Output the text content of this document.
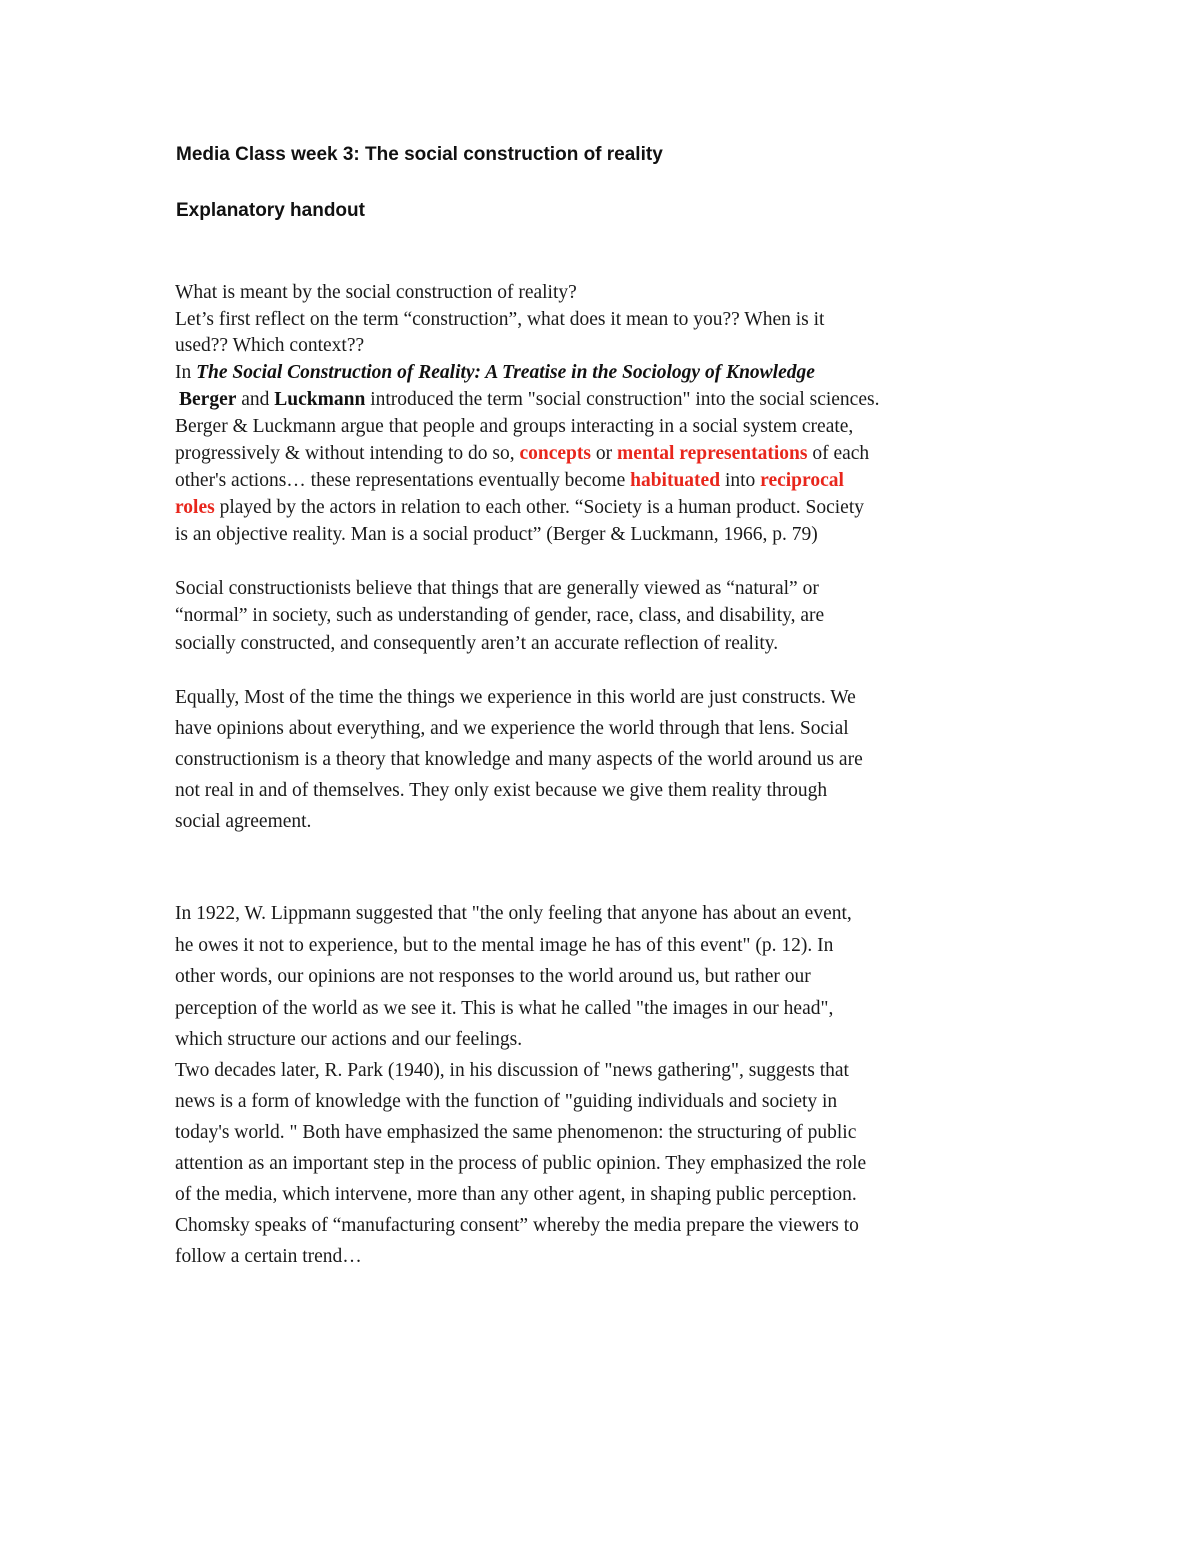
Media Class week 3: The social construction of reality
Explanatory handout
What is meant by the social construction of reality?
Let’s first reflect on the term “construction”, what does it mean to you?? When is it
used?? Which context??
In The Social Construction of Reality: A Treatise in the Sociology of Knowledge
Berger and Luckmann introduced the term "social construction" into the social sciences.
Berger & Luckmann argue that people and groups interacting in a social system create,
progressively & without intending to do so, concepts or mental representations of each
other's actions… these representations eventually become habituated into reciprocal
roles played by the actors in relation to each other. “Society is a human product. Society
is an objective reality. Man is a social product” (Berger & Luckmann, 1966, p. 79)
Social constructionists believe that things that are generally viewed as “natural” or
“normal” in society, such as understanding of gender, race, class, and disability, are
socially constructed, and consequently aren’t an accurate reflection of reality.
Equally, Most of the time the things we experience in this world are just constructs. We
have opinions about everything, and we experience the world through that lens. Social
constructionism is a theory that knowledge and many aspects of the world around us are
not real in and of themselves. They only exist because we give them reality through
social agreement.
In 1922, W. Lippmann suggested that "the only feeling that anyone has about an event,
he owes it not to experience, but to the mental image he has of this event" (p. 12). In
other words, our opinions are not responses to the world around us, but rather our
perception of the world as we see it. This is what he called "the images in our head",
which structure our actions and our feelings.
Two decades later, R. Park (1940), in his discussion of "news gathering", suggests that
news is a form of knowledge with the function of "guiding individuals and society in
today's world. " Both have emphasized the same phenomenon: the structuring of public
attention as an important step in the process of public opinion. They emphasized the role
of the media, which intervene, more than any other agent, in shaping public perception.
Chomsky speaks of “manufacturing consent” whereby the media prepare the viewers to
follow a certain trend…
